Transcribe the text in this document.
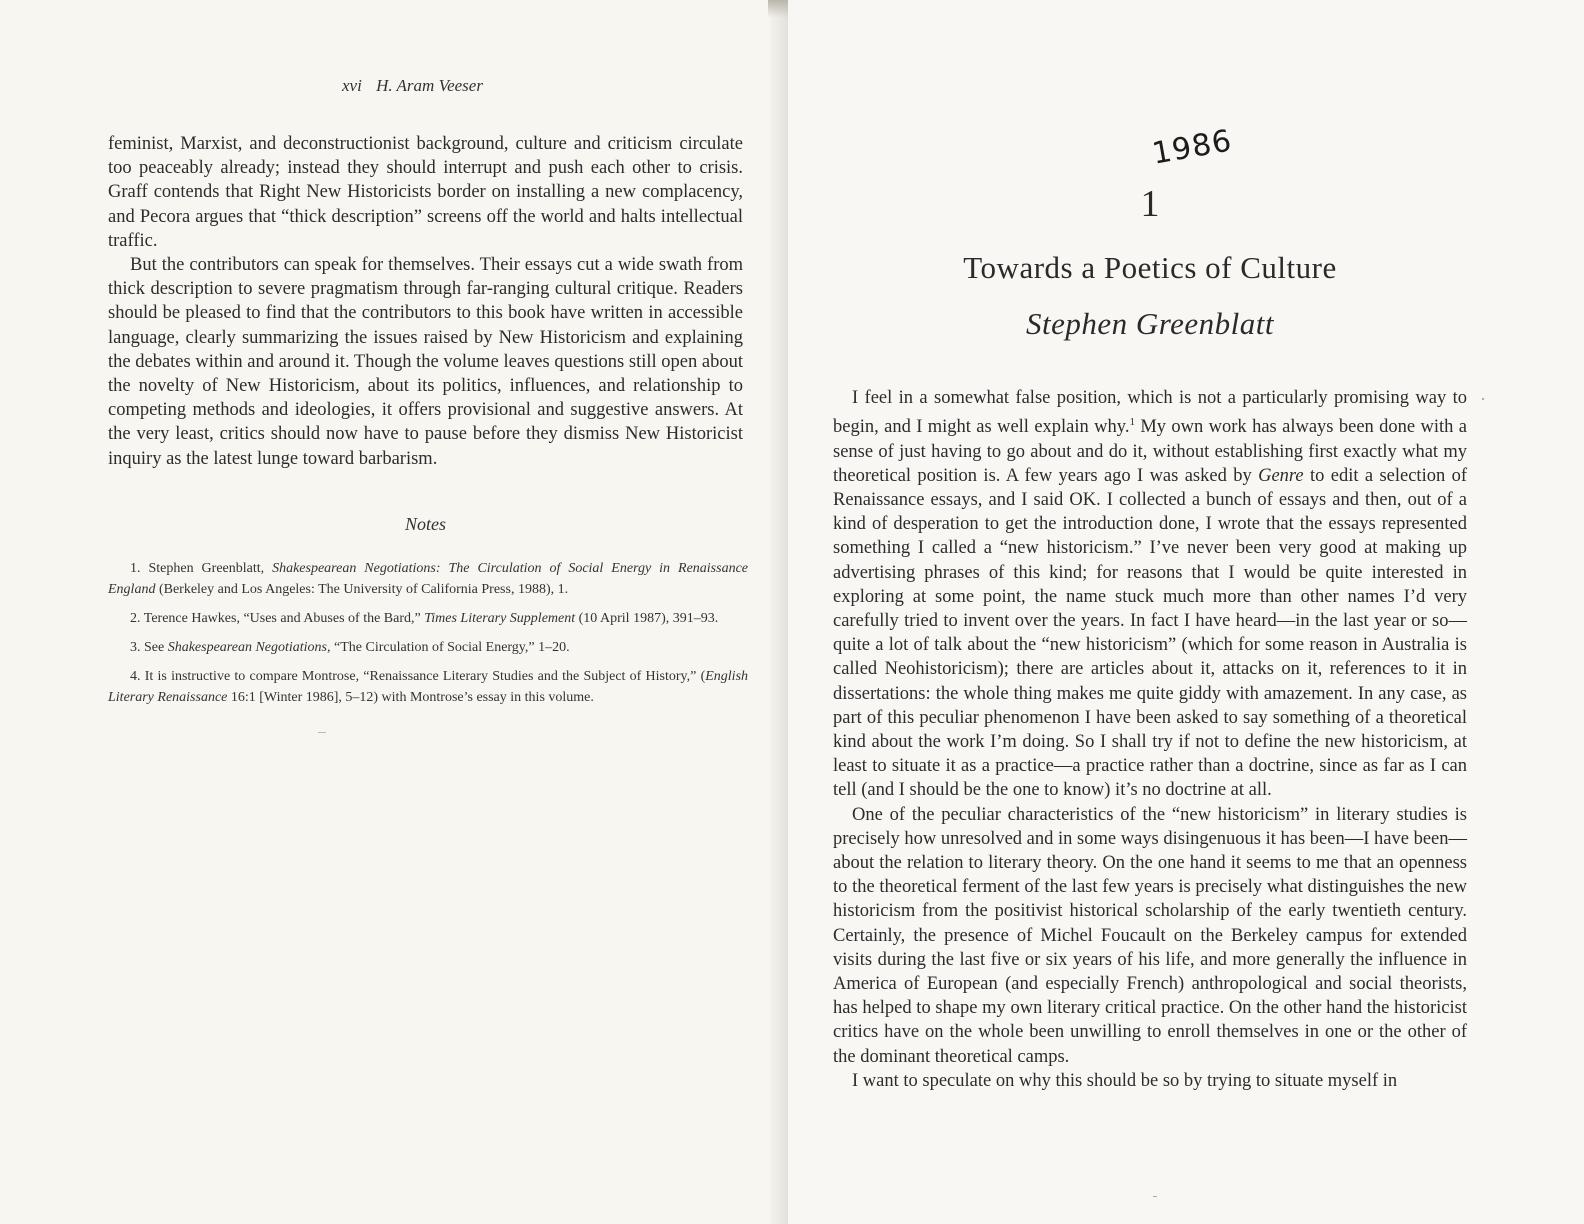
xvi H. Aram Veeser

feminist, Marxist, and deconstructionist background, culture and criticism circulate too peaceably already; instead they should interrupt and push each other to crisis. Graff contends that Right New Historicists border on installing a new complacency, and Pecora argues that “thick description” screens off the world and halts intellectual traffic.

But the contributors can speak for themselves. Their essays cut a wide swath from thick description to severe pragmatism through far-ranging cultural critique. Readers should be pleased to find that the contributors to this book have written in accessible language, clearly summarizing the issues raised by New Historicism and explaining the debates within and around it. Though the volume leaves questions still open about the novelty of New Historicism, about its politics, influences, and relationship to competing methods and ideologies, it offers provisional and suggestive answers. At the very least, critics should now have to pause before they dismiss New Historicist inquiry as the latest lunge toward barbarism.

Notes

1. Stephen Greenblatt, Shakespearean Negotiations: The Circulation of Social Energy in Renaissance England (Berkeley and Los Angeles: The University of California Press, 1988), 1.

2. Terence Hawkes, “Uses and Abuses of the Bard,” Times Literary Supplement (10 April 1987), 391–93.

3. See Shakespearean Negotiations, “The Circulation of Social Energy,” 1–20.

4. It is instructive to compare Montrose, “Renaissance Literary Studies and the Subject of History,” (English Literary Renaissance 16:1 [Winter 1986], 5–12) with Montrose’s essay in this volume.

1986
1
Towards a Poetics of Culture
Stephen Greenblatt

I feel in a somewhat false position, which is not a particularly promising way to begin, and I might as well explain why.$^1$ My own work has always been done with a sense of just having to go about and do it, without establishing first exactly what my theoretical position is. A few years ago I was asked by Genre to edit a selection of Renaissance essays, and I said OK. I collected a bunch of essays and then, out of a kind of desperation to get the introduction done, I wrote that the essays represented something I called a “new historicism.” I’ve never been very good at making up advertising phrases of this kind; for reasons that I would be quite interested in exploring at some point, the name stuck much more than other names I’d very carefully tried to invent over the years. In fact I have heard—in the last year or so—quite a lot of talk about the “new historicism” (which for some reason in Australia is called Neohistoricism); there are articles about it, attacks on it, references to it in dissertations: the whole thing makes me quite giddy with amazement. In any case, as part of this peculiar phenomenon I have been asked to say something of a theoretical kind about the work I’m doing. So I shall try if not to define the new historicism, at least to situate it as a practice—a practice rather than a doctrine, since as far as I can tell (and I should be the one to know) it’s no doctrine at all.

One of the peculiar characteristics of the “new historicism” in literary studies is precisely how unresolved and in some ways disingenuous it has been—I have been—about the relation to literary theory. On the one hand it seems to me that an openness to the theoretical ferment of the last few years is precisely what distinguishes the new historicism from the positivist historical scholarship of the early twentieth century. Certainly, the presence of Michel Foucault on the Berkeley campus for extended visits during the last five or six years of his life, and more generally the influence in America of European (and especially French) anthropological and social theorists, has helped to shape my own literary critical practice. On the other hand the historicist critics have on the whole been unwilling to enroll themselves in one or the other of the dominant theoretical camps.

I want to speculate on why this should be so by trying to situate myself in
